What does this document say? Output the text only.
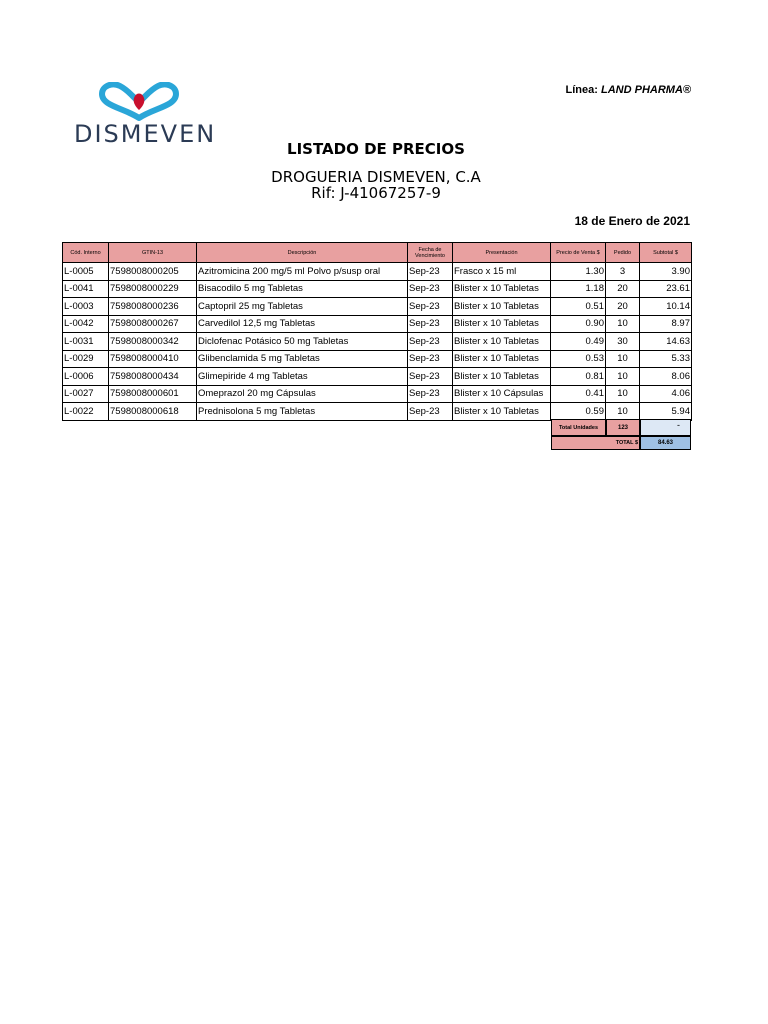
DISMEVEN
Línea: LAND PHARMA®
LISTADO DE PRECIOS
DROGUERIA DISMEVEN, C.A
Rif: J-41067257-9
18 de Enero de 2021
Cód. Interno	GTIN-13	Descripción	Fecha de Vencimiento	Presentación	Precio de Venta $	Pedido	Subtotal $
L-0005	7598008000205	Azitromicina 200 mg/5 ml Polvo p/susp oral	Sep-23	Frasco x 15 ml	1.30	3	3.90
L-0041	7598008000229	Bisacodilo 5 mg Tabletas	Sep-23	Blister x 10 Tabletas	1.18	20	23.61
L-0003	7598008000236	Captopril 25 mg Tabletas	Sep-23	Blister x 10 Tabletas	0.51	20	10.14
L-0042	7598008000267	Carvedilol 12,5 mg Tabletas	Sep-23	Blister x 10 Tabletas	0.90	10	8.97
L-0031	7598008000342	Diclofenac Potásico 50 mg Tabletas	Sep-23	Blister x 10 Tabletas	0.49	30	14.63
L-0029	7598008000410	Glibenclamida 5 mg Tabletas	Sep-23	Blister x 10 Tabletas	0.53	10	5.33
L-0006	7598008000434	Glimepiride 4 mg Tabletas	Sep-23	Blister x 10 Tabletas	0.81	10	8.06
L-0027	7598008000601	Omeprazol 20 mg Cápsulas	Sep-23	Blister x 10 Cápsulas	0.41	10	4.06
L-0022	7598008000618	Prednisolona 5 mg Tabletas	Sep-23	Blister x 10 Tabletas	0.59	10	5.94
Total Unidades	123	-
TOTAL $	84.63
